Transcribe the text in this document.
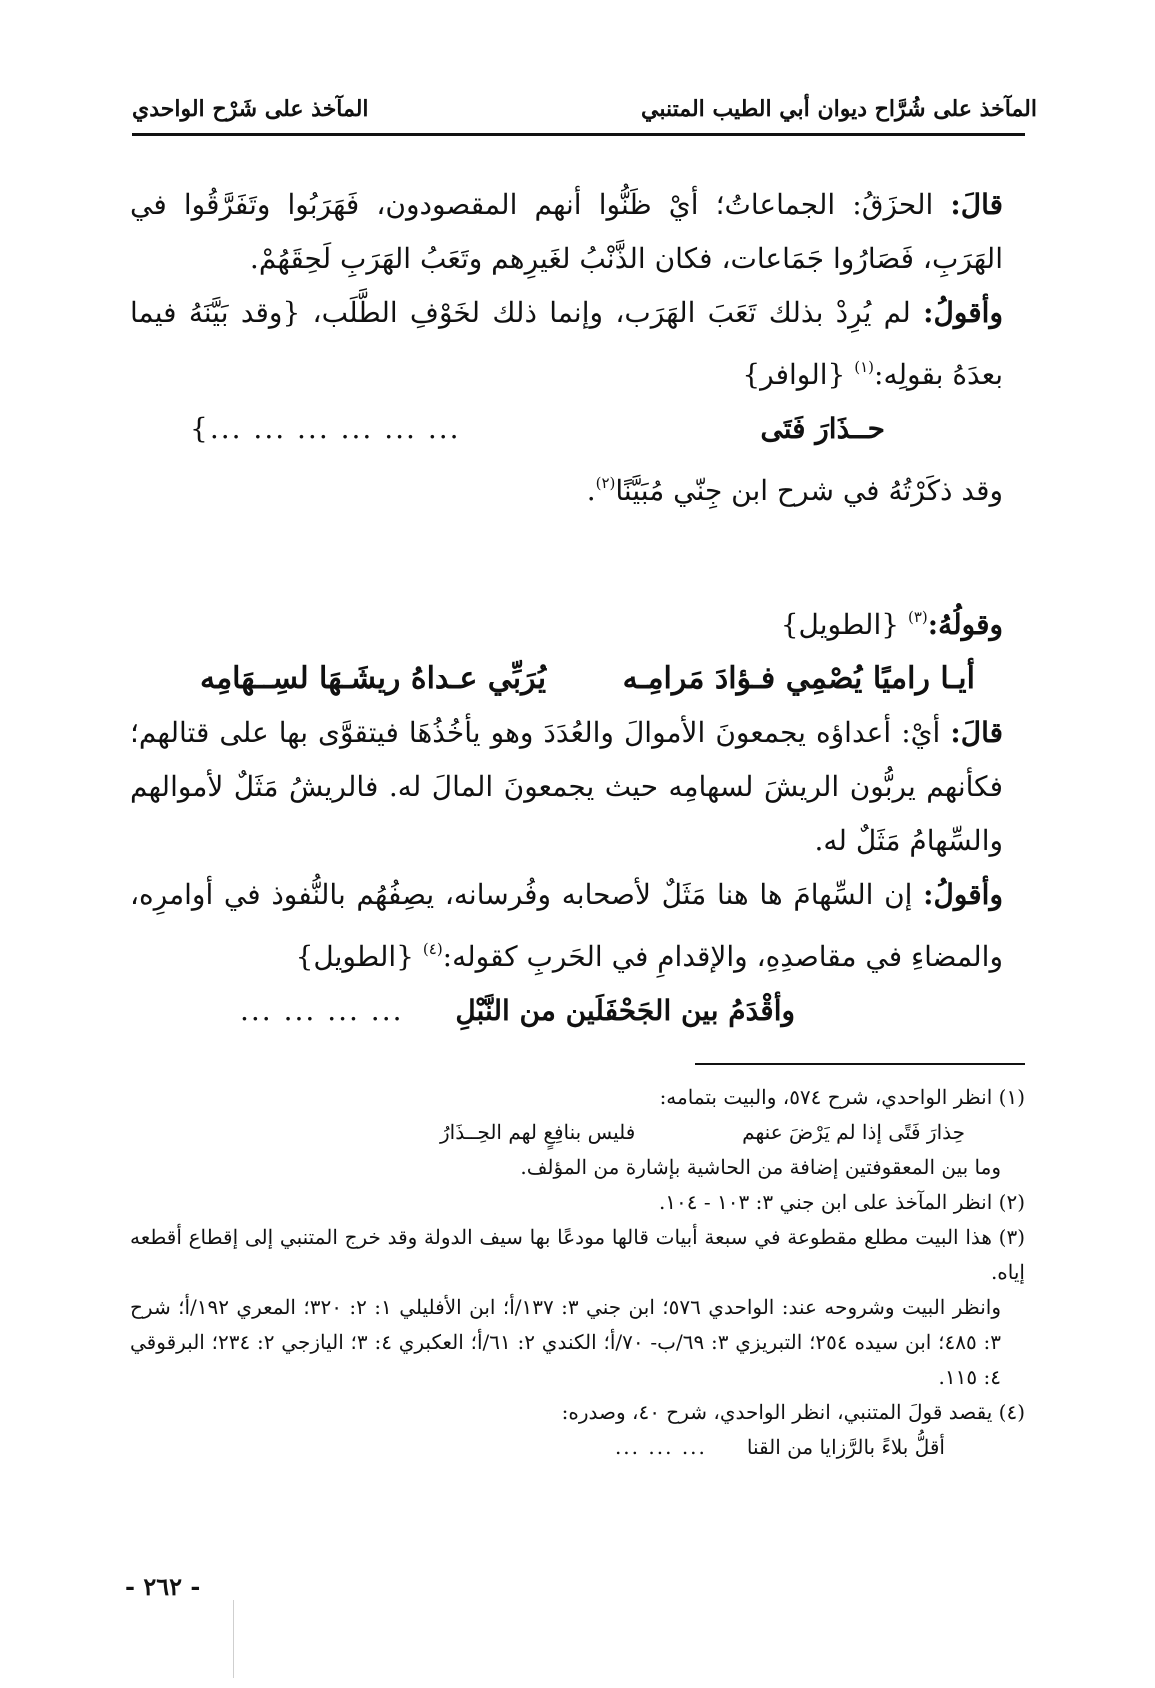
المآخذ على شُرَّاح ديوان أبي الطيب المتنبي
المآخذ على شَرْح الواحدي

قالَ: الحزَقُ: الجماعاتُ؛ أيْ ظَنُّوا أنهم المقصودون، فَهَرَبُوا وتَفَرَّقُوا في الهَرَبِ، فَصَارُوا جَمَاعات، فكان الذَّنْبُ لغَيرِهم وتَعَبُ الهَرَبِ لَحِقَهُمْ.

وأقولُ: لم يُرِدْ بذلك تَعَبَ الهَرَب، وإنما ذلك لخَوْفِ الطَّلَب، {وقد بَيَّنَهُ فيما بعدَهُ بقولِه:$^{(١)}$ {الوافر}

حــذَارَ فَتَى
... ... ... ... ... ...}

وقد ذكَرْتُهُ في شرح ابن جِنّي مُبَيَّنًا$^{(٢)}$.

وقولُهُ:$^{(٣)}$ {الطويل}

أيـا راميًا يُصْمِي فـؤادَ مَرامِـه
يُرَبِّي عـداهُ ريشَـهَا لسِــهَامِه

قالَ: أيْ: أعداؤه يجمعونَ الأموالَ والعُدَدَ وهو يأخُذُهَا فيتقوَّى بها على قتالهم؛ فكأنهم يربُّون الريشَ لسهامِه حيث يجمعونَ المالَ له. فالريشُ مَثَلٌ لأموالهم والسِّهامُ مَثَلٌ له.

وأقولُ: إن السِّهامَ ها هنا مَثَلٌ لأصحابه وفُرسانه، يصِفُهُم بالنُّفوذ في أوامرِه، والمضاءِ في مقاصدِهِ، والإقدامِ في الحَربِ كقوله:$^{(٤)}$ {الطويل}

وأقْدَمُ بين الجَحْفَلَين من النَّبْلِ
... ... ... ...

(١) انظر الواحدي، شرح ٥٧٤، والبيت بتمامه:

حِذارَ فَتًى إذا لم يَرْضَ عنهم
فليس بنافِعٍ لهم الحِــذَارُ

وما بين المعقوفتين إضافة من الحاشية بإشارة من المؤلف.

(٢) انظر المآخذ على ابن جني ٣: ١٠٣ - ١٠٤.

(٣) هذا البيت مطلع مقطوعة في سبعة أبيات قالها مودعًا بها سيف الدولة وقد خرج المتنبي إلى إقطاع أقطعه إياه.

وانظر البيت وشروحه عند: الواحدي ٥٧٦؛ ابن جني ٣: ١٣٧/أ؛ ابن الأفليلي ١: ٢: ٣٢٠؛ المعري ١٩٢/أ؛ شرح ٣: ٤٨٥؛ ابن سيده ٢٥٤؛ التبريزي ٣: ٦٩/ب- ٧٠/أ؛ الكندي ٢: ٦١/أ؛ العكبري ٤: ٣؛ اليازجي ٢: ٢٣٤؛ البرقوقي ٤: ١١٥.

(٤) يقصد قولَ المتنبي، انظر الواحدي، شرح ٤٠، وصدره:

أقلُّ بلاءً بالرَّزايا من القنا
... ... ...
- ٢٦٢ -
